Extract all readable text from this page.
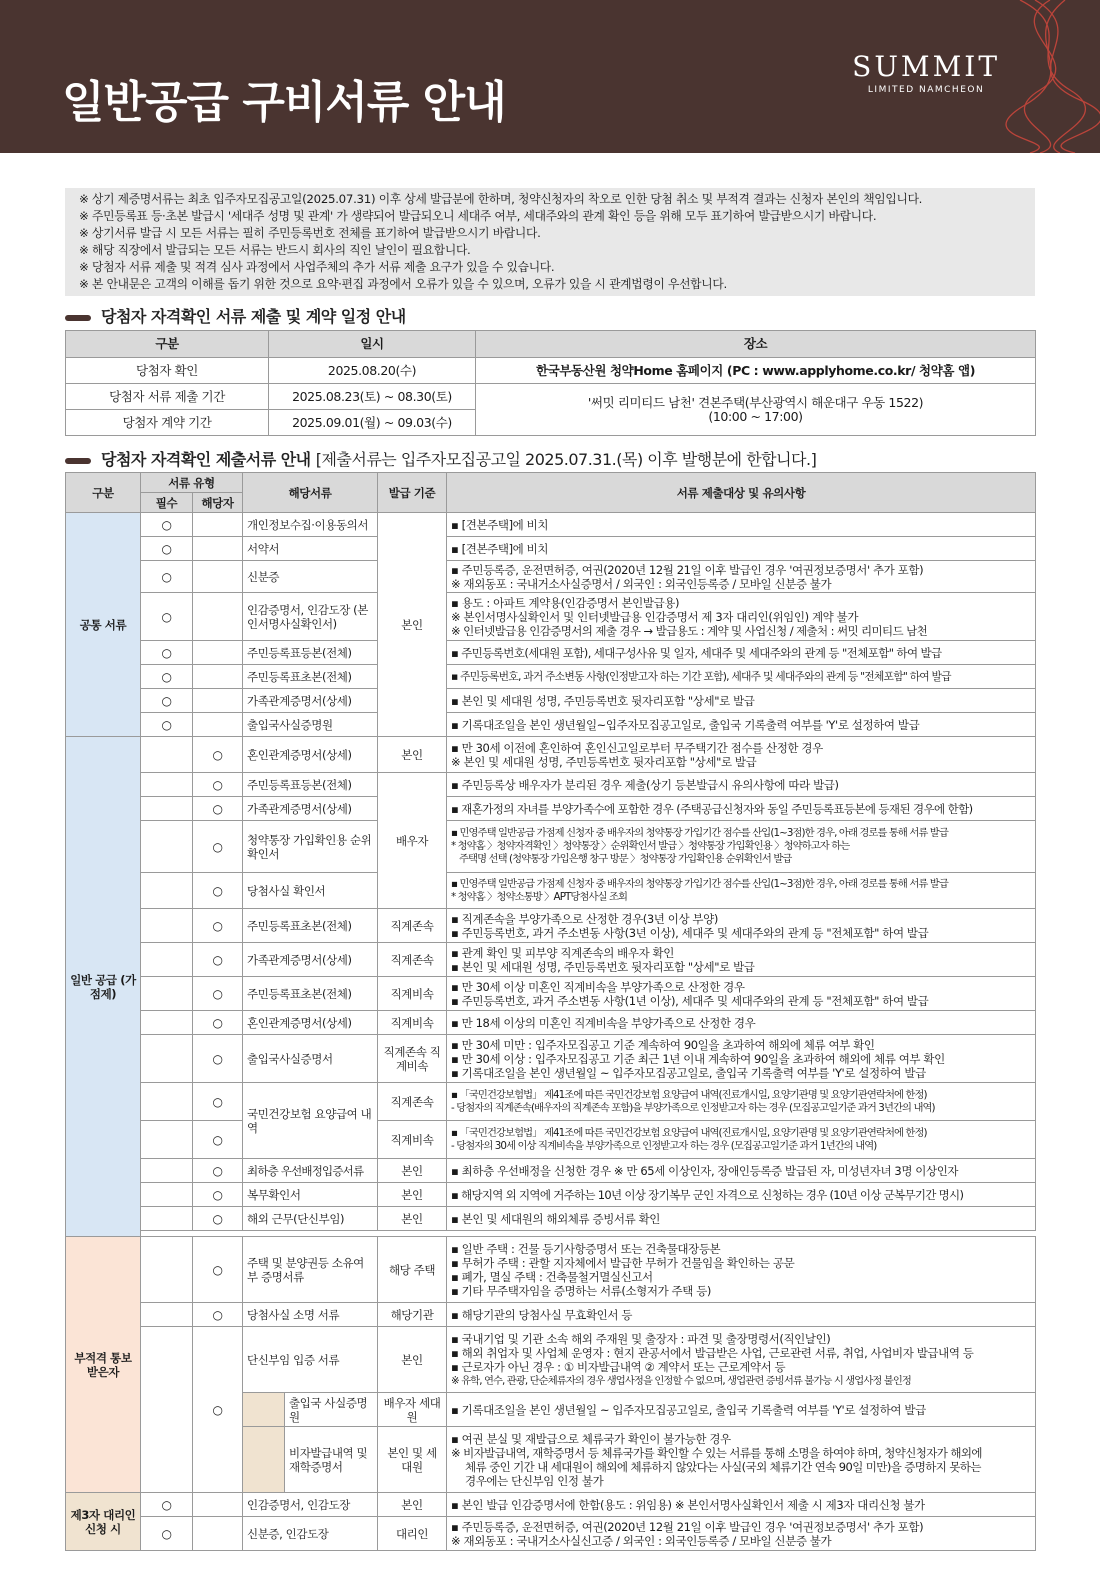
일반공급 구비서류 안내
SUMMIT
LIMITED NAMCHEON
※ 상기 제증명서류는 최초 입주자모집공고일(2025.07.31) 이후 상세 발급분에 한하며, 청약신청자의 착오로 인한 당첨 취소 및 부적격 결과는 신청자 본인의 책임입니다.
※ 주민등록표 등·초본 발급시 '세대주 성명 및 관계' 가 생략되어 발급되오니 세대주 여부, 세대주와의 관계 확인 등을 위해 모두 표기하여 발급받으시기 바랍니다.
※ 상기서류 발급 시 모든 서류는 필히 주민등록번호 전체를 표기하여 발급받으시기 바랍니다.
※ 해당 직장에서 발급되는 모든 서류는 반드시 회사의 직인 날인이 필요합니다.
※ 당첨자 서류 제출 및 적격 심사 과정에서 사업주체의 추가 서류 제출 요구가 있을 수 있습니다.
※ 본 안내문은 고객의 이해를 돕기 위한 것으로 요약·편집 과정에서 오류가 있을 수 있으며, 오류가 있을 시 관계법령이 우선합니다.
당첨자 자격확인 서류 제출 및 계약 일정 안내
구분	일시	장소
당첨자 확인	2025.08.20(수)	한국부동산원 청약Home 홈페이지 (PC : www.applyhome.co.kr/ 청약홈 앱)
당첨자 서류 제출 기간	2025.08.23(토) ~ 08.30(토)	'써밋 리미티드 남천' 견본주택(부산광역시 해운대구 우동 1522)
(10:00 ~ 17:00)

당첨자 계약 기간	2025.09.01(월) ~ 09.03(수)	
당첨자 자격확인 제출서류 안내 [제출서류는 입주자모집공고일 2025.07.31.(목) 이후 발행분에 한합니다.]
구분	서류 유형		해당서류		발급 기준	서류 제출대상 및 유의사항
	필수	해당자				
공통 서류	○		개인정보수집·이용동의서		본인	▪ [견본주택]에 비치

	○		서약서			▪ [견본주택]에 비치

	○		신분증			▪ 주민등록증, 운전면허증, 여권(2020년 12월 21일 이후 발급인 경우 '여권정보증명서' 추가 포함)
※ 재외동포 : 국내거소사실증명서 / 외국인 : 외국인등록증 / 모바일 신분증 불가

	○		인감증명서, 인감도장 (본인서명사실확인서)			▪ 용도 : 아파트 계약용(인감증명서 본인발급용)
※ 본인서명사실확인서 및 인터넷발급용 인감증명서 제 3자 대리인(위임인) 계약 불가
※ 인터넷발급용 인감증명서의 제출 경우 → 발급용도 : 계약 및 사업신청 / 제출처 : 써밋 리미티드 남천

	○		주민등록표등본(전체)			▪ 주민등록번호(세대원 포함), 세대구성사유 및 일자, 세대주 및 세대주와의 관계 등 "전체포함" 하여 발급

	○		주민등록표초본(전체)			▪ 주민등록번호, 과거 주소변동 사항(인정받고자 하는 기간 포함), 세대주 및 세대주와의 관계 등 "전체포함" 하여 발급

	○		가족관계증명서(상세)			▪ 본인 및 세대원 성명, 주민등록번호 뒷자리포함 "상세"로 발급

	○		출입국사실증명원			▪ 기록대조일을 본인 생년월일~입주자모집공고일로, 출입국 기록출력 여부를 'Y'로 설정하여 발급

일반 공급 (가점제)		○	혼인관계증명서(상세)		본인	▪ 만 30세 이전에 혼인하여 혼인신고일로부터 무주택기간 점수를 산정한 경우
※ 본인 및 세대원 성명, 주민등록번호 뒷자리포함 "상세"로 발급

		○	주민등록표등본(전체)		배우자	▪ 주민등록상 배우자가 분리된 경우 제출(상기 등본발급시 유의사항에 따라 발급)

		○	가족관계증명서(상세)			▪ 재혼가정의 자녀를 부양가족수에 포함한 경우 (주택공급신청자와 동일 주민등록표등본에 등재된 경우에 한함)

		○	청약통장 가입확인용 순위확인서			▪ 민영주택 일반공급 가점제 신청자 중 배우자의 청약통장 가입기간 점수를 산입(1~3점)한 경우, 아래 경로를 통해 서류 발급
* 청약홈 〉청약자격확인 〉청약통장 〉순위확인서 발급 〉청약통장 가입확인용 〉청약하고자 하는
주택명 선택 (청약통장 가입은행 창구 방문 〉청약통장 가입확인용 순위확인서 발급

		○	당첨사실 확인서			▪ 민영주택 일반공급 가점제 신청자 중 배우자의 청약통장 가입기간 점수를 산입(1~3점)한 경우, 아래 경로를 통해 서류 발급
* 청약홈 〉청약소통방 〉APT당첨사실 조회

		○	주민등록표초본(전체)		직계존속	▪ 직계존속을 부양가족으로 산정한 경우(3년 이상 부양)
▪ 주민등록번호, 과거 주소변동 사항(3년 이상), 세대주 및 세대주와의 관계 등 "전체포함" 하여 발급

		○	가족관계증명서(상세)		직계존속	▪ 관계 확인 및 피부양 직계존속의 배우자 확인
▪ 본인 및 세대원 성명, 주민등록번호 뒷자리포함 "상세"로 발급

		○	주민등록표초본(전체)		직계비속	▪ 만 30세 이상 미혼인 직계비속을 부양가족으로 산정한 경우
▪ 주민등록번호, 과거 주소변동 사항(1년 이상), 세대주 및 세대주와의 관계 등 "전체포함" 하여 발급

		○	혼인관계증명서(상세)		직계비속	▪ 만 18세 이상의 미혼인 직계비속을 부양가족으로 산정한 경우

		○	출입국사실증명서		직계존속 직계비속	▪ 만 30세 미만 : 입주자모집공고 기준 계속하여 90일을 초과하여 해외에 체류 여부 확인
▪ 만 30세 이상 : 입주자모집공고 기준 최근 1년 이내 계속하여 90일을 초과하여 해외에 체류 여부 확인
▪ 기록대조일을 본인 생년월일 ~ 입주자모집공고일로, 출입국 기록출력 여부를 'Y'로 설정하여 발급

		○	국민건강보험 요양급여 내역		직계존속	▪ 「국민건강보험법」 제41조에 따른 국민건강보험 요양급여 내역(진료개시일, 요양기관명 및 요양기관연락처에 한정)
- 당첨자의 직계존속(배우자의 직계존속 포함)을 부양가족으로 인정받고자 하는 경우 (모집공고일기준 과거 3년간의 내역)

		○			직계비속	▪ 「국민건강보험법」 제41조에 따른 국민건강보험 요양급여 내역(진료개시일, 요양기관명 및 요양기관연락처에 한정)
- 당첨자의 30세 이상 직계비속을 부양가족으로 인정받고자 하는 경우 (모집공고일기준 과거 1년간의 내역)

		○	최하층 우선배정입증서류		본인	▪ 최하층 우선배정을 신청한 경우 ※ 만 65세 이상인자, 장애인등록증 발급된 자, 미성년자녀 3명 이상인자

		○	복무확인서		본인	▪ 해당지역 외 지역에 거주하는 10년 이상 장기복무 군인 자격으로 신청하는 경우 (10년 이상 군복무기간 명시)

		○	해외 근무(단신부임)		본인	▪ 본인 및 세대원의 해외체류 증빙서류 확인

부적격 통보 받은자		○	주택 및 분양권등 소유여부 증명서류		해당 주택	▪ 일반 주택 : 건물 등기사항증명서 또는 건축물대장등본
▪ 무허가 주택 : 관할 지자체에서 발급한 무허가 건물임을 확인하는 공문
▪ 폐가, 멸실 주택 : 건축물철거멸실신고서
▪ 기타 무주택자임을 증명하는 서류(소형저가 주택 등)

		○	당첨사실 소명 서류		해당기관	▪ 해당기관의 당첨사실 무효확인서 등

		○	단신부임 입증 서류		본인	▪ 국내기업 및 기관 소속 해외 주재원 및 출장자 : 파견 및 출장명령서(직인날인)
▪ 해외 취업자 및 사업체 운영자 : 현지 관공서에서 발급받은 사업, 근로관련 서류, 취업, 사업비자 발급내역 등
▪ 근로자가 아닌 경우 : ① 비자발급내역 ② 계약서 또는 근로계약서 등
※ 유학, 연수, 관광, 단순체류자의 경우 생업사정을 인정할 수 없으며, 생업관련 증빙서류 불가능 시 생업사정 불인정

				출입국 사실증명원	배우자 세대원	▪ 기록대조일을 본인 생년월일 ~ 입주자모집공고일로, 출입국 기록출력 여부를 'Y'로 설정하여 발급

				비자발급내역 및 재학증명서	본인 및 세대원	▪ 여권 분실 및 재발급으로 체류국가 확인이 불가능한 경우
※ 비자발급내역, 재학증명서 등 체류국가를 확인할 수 있는 서류를 통해 소명을 하여야 하며, 청약신청자가 해외에
체류 중인 기간 내 세대원이 해외에 체류하지 않았다는 사실(국외 체류기간 연속 90일 미만)을 증명하지 못하는
경우에는 단신부임 인정 불가

제3자 대리인 신청 시	○		인감증명서, 인감도장		본인	▪ 본인 발급 인감증명서에 한함(용도 : 위임용) ※ 본인서명사실확인서 제출 시 제3자 대리신청 불가

	○		신분증, 인감도장		대리인	▪ 주민등록증, 운전면허증, 여권(2020년 12월 21일 이후 발급인 경우 '여권정보증명서' 추가 포함)
※ 재외동포 : 국내거소사실신고증 / 외국인 : 외국인등록증 / 모바일 신분증 불가
